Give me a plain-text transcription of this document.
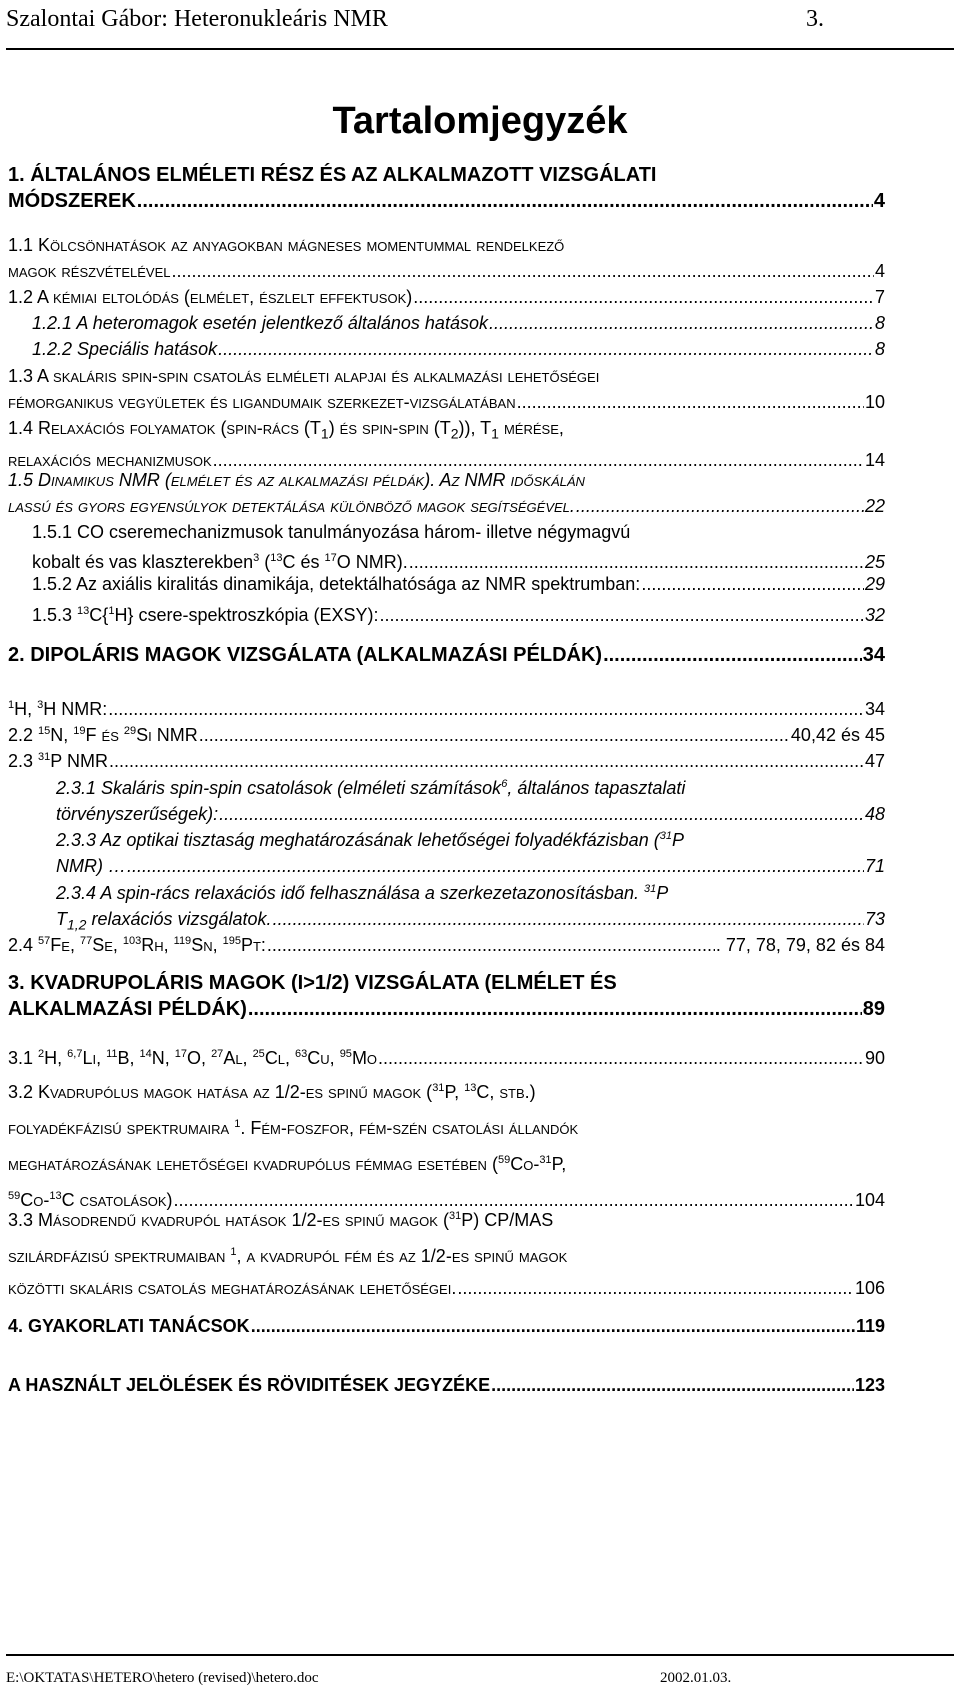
Szalontai Gábor: Heteronukleáris NMR	3.
Tartalomjegyzék
1. ÁLTALÁNOS ELMÉLETI RÉSZ ÉS AZ ALKALMAZOTT VIZSGÁLATI
MÓDSZEREK .....	4
1.1 Kölcsönhatások az anyagokban mágneses momentummal rendelkező
magok részvételével .....	4
1.2 A kémiai eltolódás (elmélet, észlelt effektusok) .....	7
1.2.1 A heteromagok esetén jelentkező általános hatások .....	8
1.2.2 Speciális hatások .....	8
1.3 A skaláris spin-spin csatolás elméleti alapjai és alkalmazási lehetőségei
fémorganikus vegyületek és ligandumaik szerkezet-vizsgálatában .....	10
1.4 Relaxációs folyamatok (spin-rács $(T_1)$ és spin-spin $(T_2)$), $T_1$ mérése,
relaxációs mechanizmusok .....	14
1.5 Dinamikus NMR (elmélet és az alkalmazási példák). Az NMR időskálán
lassú és gyors egyensúlyok detektálása különböző magok segítségével. .....	22
1.5.1 CO cseremechanizmusok tanulmányozása három- illetve négymagvú
kobalt és vas klaszterekben$^3$ ($^{13}$C és $^{17}$O NMR). .....	25
1.5.2 Az axiális kiralitás dinamikája, detektálhatósága az NMR spektrumban: .....	29
1.5.3 $^{13}$C{$^1$H} csere-spektroszkópia (EXSY): .....	32
2. DIPOLÁRIS MAGOK VIZSGÁLATA (ALKALMAZÁSI PÉLDÁK) .....	34
$^1$H, $^3$H NMR: .....	34
2.2 $^{15}$N, $^{19}$F és $^{29}$Si NMR .....	40,42 és 45
2.3 $^{31}$P NMR .....	47
2.3.1 Skaláris spin-spin csatolások (elméleti számítások$^6$, általános tapasztalati
törvényszerűségek): .....	48
2.3.3 Az optikai tisztaság meghatározásának lehetőségei folyadékfázisban ($^{31}$P
NMR) … .....	71
2.3.4 A spin-rács relaxációs idő felhasználása a szerkezetazonosításban. $^{31}$P
$T_{1,2}$ relaxációs vizsgálatok. .....	73
2.4 $^{57}$Fe, $^{77}$Se, $^{103}$Rh, $^{119}$Sn, $^{195}$Pt: .....	. 77, 78, 79, 82 és 84
3. KVADRUPOLÁRIS MAGOK (I>1/2) VIZSGÁLATA (ELMÉLET ÉS
ALKALMAZÁSI PÉLDÁK) .....	89
3.1 $^2$H, $^{6,7}$Li, $^{11}$B, $^{14}$N, $^{17}$O, $^{27}$Al, $^{25}$Cl, $^{63}$Cu, $^{95}$Mo .....	90
3.2 Kvadrupólus magok hatása az 1/2-es spinű magok ($^{31}$P, $^{13}$C, stb.)
folyadékfázisú spektrumaira $^1$. Fém-foszfor, fém-szén csatolási állandók
meghatározásának lehetőségei kvadrupólus fémmag esetében ($^{59}$Co-$^{31}$P,
$^{59}$Co-$^{13}$C csatolások) .....	104
3.3 Másodrendű kvadrupól hatások 1/2-es spinű magok ($^{31}$P) CP/MAS
szilárdfázisú spektrumaiban $^1$, a kvadrupól fém és az 1/2-es spinű magok
közötti skaláris csatolás meghatározásának lehetőségei. .....	106
4. GYAKORLATI TANÁCSOK .....	119
A HASZNÁLT JELÖLÉSEK ÉS RÖVIDITÉSEK JEGYZÉKE .....	123
E:\OKTATAS\HETERO\hetero (revised)\hetero.doc	2002.01.03.
